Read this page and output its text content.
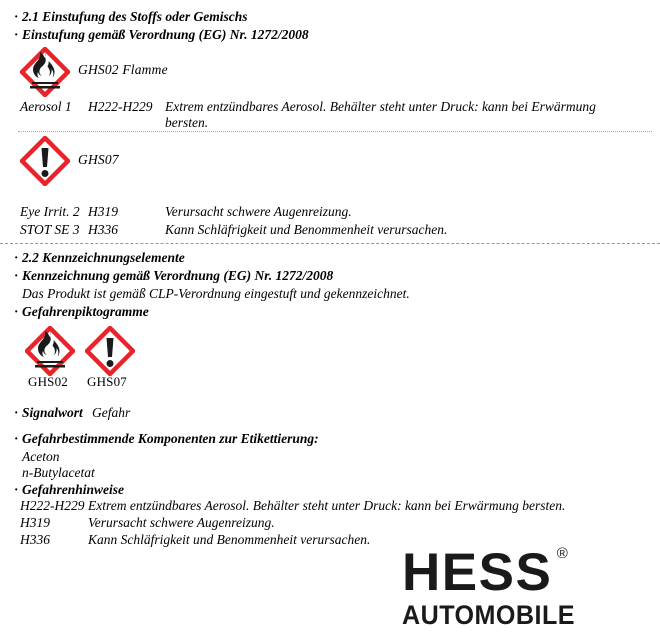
· 2.1 Einstufung des Stoffs oder Gemischs
· Einstufung gemäß Verordnung (EG) Nr. 1272/2008
GHS02 Flamme
Aerosol 1 H222-H229 Extrem entzündbares Aerosol. Behälter steht unter Druck: kann bei Erwärmung
bersten.
GHS07
Eye Irrit. 2 H319	Verursacht schwere Augenreizung.
STOT SE 3 H336	Kann Schläfrigkeit und Benommenheit verursachen.
· 2.2 Kennzeichnungselemente
· Kennzeichnung gemäß Verordnung (EG) Nr. 1272/2008
Das Produkt ist gemäß CLP-Verordnung eingestuft und gekennzeichnet.
· Gefahrenpiktogramme
GHS02 GHS07
· Signalwort Gefahr
· Gefahrbestimmende Komponenten zur Etikettierung:
Aceton
n-Butylacetat
· Gefahrenhinweise
H222-H229 Extrem entzündbares Aerosol. Behälter steht unter Druck: kann bei Erwärmung bersten.
H319	Verursacht schwere Augenreizung.
H336	Kann Schläfrigkeit und Benommenheit verursachen.
HESS ®
AUTOMOBILE
